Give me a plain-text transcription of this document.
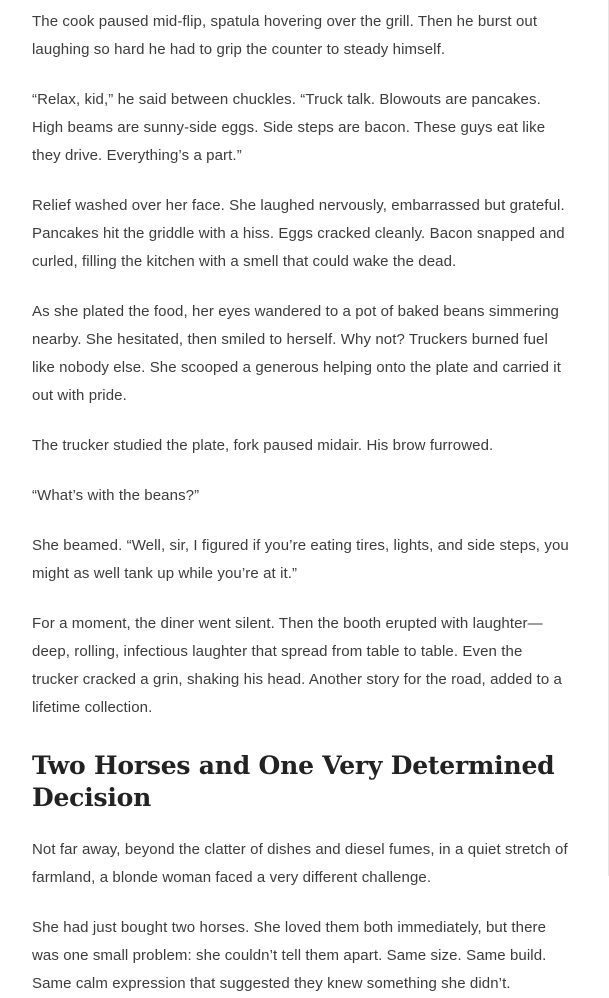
The cook paused mid-flip, spatula hovering over the grill. Then he burst out laughing so hard he had to grip the counter to steady himself.

“Relax, kid,” he said between chuckles. “Truck talk. Blowouts are pancakes. High beams are sunny-side eggs. Side steps are bacon. These guys eat like they drive. Everything’s a part.”

Relief washed over her face. She laughed nervously, embarrassed but grateful. Pancakes hit the griddle with a hiss. Eggs cracked cleanly. Bacon snapped and curled, filling the kitchen with a smell that could wake the dead.

As she plated the food, her eyes wandered to a pot of baked beans simmering nearby. She hesitated, then smiled to herself. Why not? Truckers burned fuel like nobody else. She scooped a generous helping onto the plate and carried it out with pride.

The trucker studied the plate, fork paused midair. His brow furrowed.

“What’s with the beans?”

She beamed. “Well, sir, I figured if you’re eating tires, lights, and side steps, you might as well tank up while you’re at it.”

For a moment, the diner went silent. Then the booth erupted with laughter—deep, rolling, infectious laughter that spread from table to table. Even the trucker cracked a grin, shaking his head. Another story for the road, added to a lifetime collection.

Two Horses and One Very Determined Decision

Not far away, beyond the clatter of dishes and diesel fumes, in a quiet stretch of farmland, a blonde woman faced a very different challenge.

She had just bought two horses. She loved them both immediately, but there was one small problem: she couldn’t tell them apart. Same size. Same build. Same calm expression that suggested they knew something she didn’t.
